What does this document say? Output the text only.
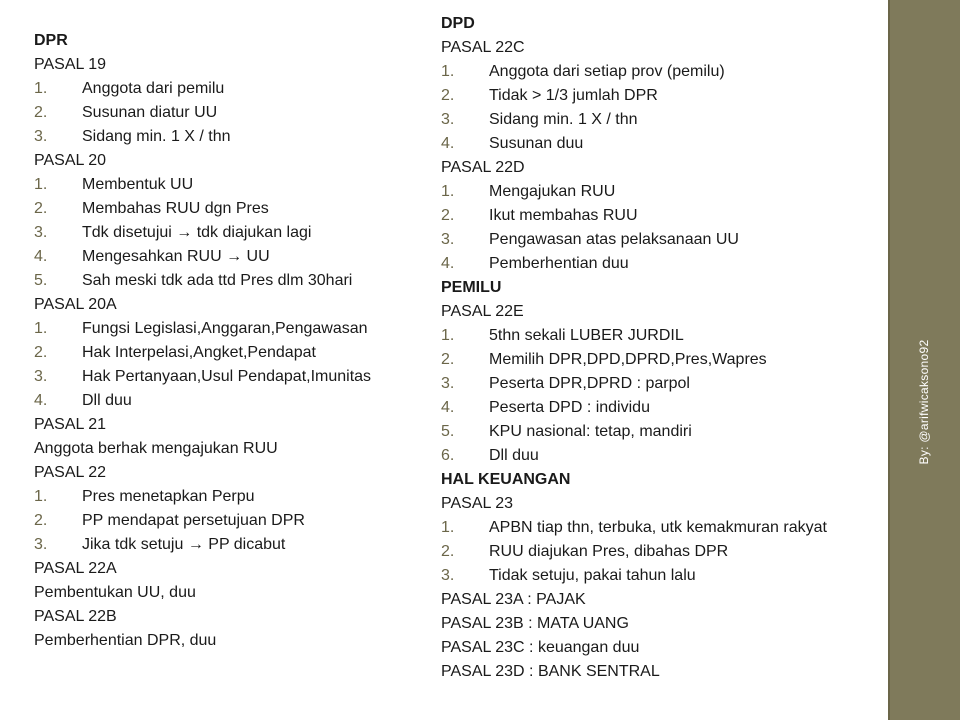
DPR
PASAL 19
1. Anggota dari pemilu
2. Susunan diatur UU
3. Sidang min. 1 X / thn
PASAL 20
1. Membentuk UU
2. Membahas RUU dgn Pres
3. Tdk disetujui → tdk diajukan lagi
4. Mengesahkan RUU → UU
5. Sah meski tdk ada ttd Pres dlm 30hari
PASAL 20A
1. Fungsi Legislasi,Anggaran,Pengawasan
2. Hak Interpelasi,Angket,Pendapat
3. Hak Pertanyaan,Usul Pendapat,Imunitas
4. Dll duu
PASAL 21
Anggota berhak mengajukan RUU
PASAL 22
1. Pres menetapkan Perpu
2. PP mendapat persetujuan DPR
3. Jika tdk setuju → PP dicabut
PASAL 22A
Pembentukan UU, duu
PASAL 22B
Pemberhentian DPR, duu
DPD
PASAL 22C
1. Anggota dari setiap prov (pemilu)
2. Tidak > 1/3 jumlah DPR
3. Sidang min. 1 X / thn
4. Susunan duu
PASAL 22D
1. Mengajukan RUU
2. Ikut membahas RUU
3. Pengawasan atas pelaksanaan UU
4. Pemberhentian duu
PEMILU
PASAL 22E
1. 5thn sekali LUBER JURDIL
2. Memilih DPR,DPD,DPRD,Pres,Wapres
3. Peserta DPR,DPRD : parpol
4. Peserta DPD : individu
5. KPU nasional: tetap, mandiri
6. Dll duu
HAL KEUANGAN
PASAL 23
1. APBN tiap thn, terbuka, utk kemakmuran rakyat
2. RUU diajukan Pres, dibahas DPR
3. Tidak setuju, pakai tahun lalu
PASAL 23A : PAJAK
PASAL 23B : MATA UANG
PASAL 23C : keuangan duu
PASAL 23D : BANK SENTRAL
By: @arifwicaksono92
